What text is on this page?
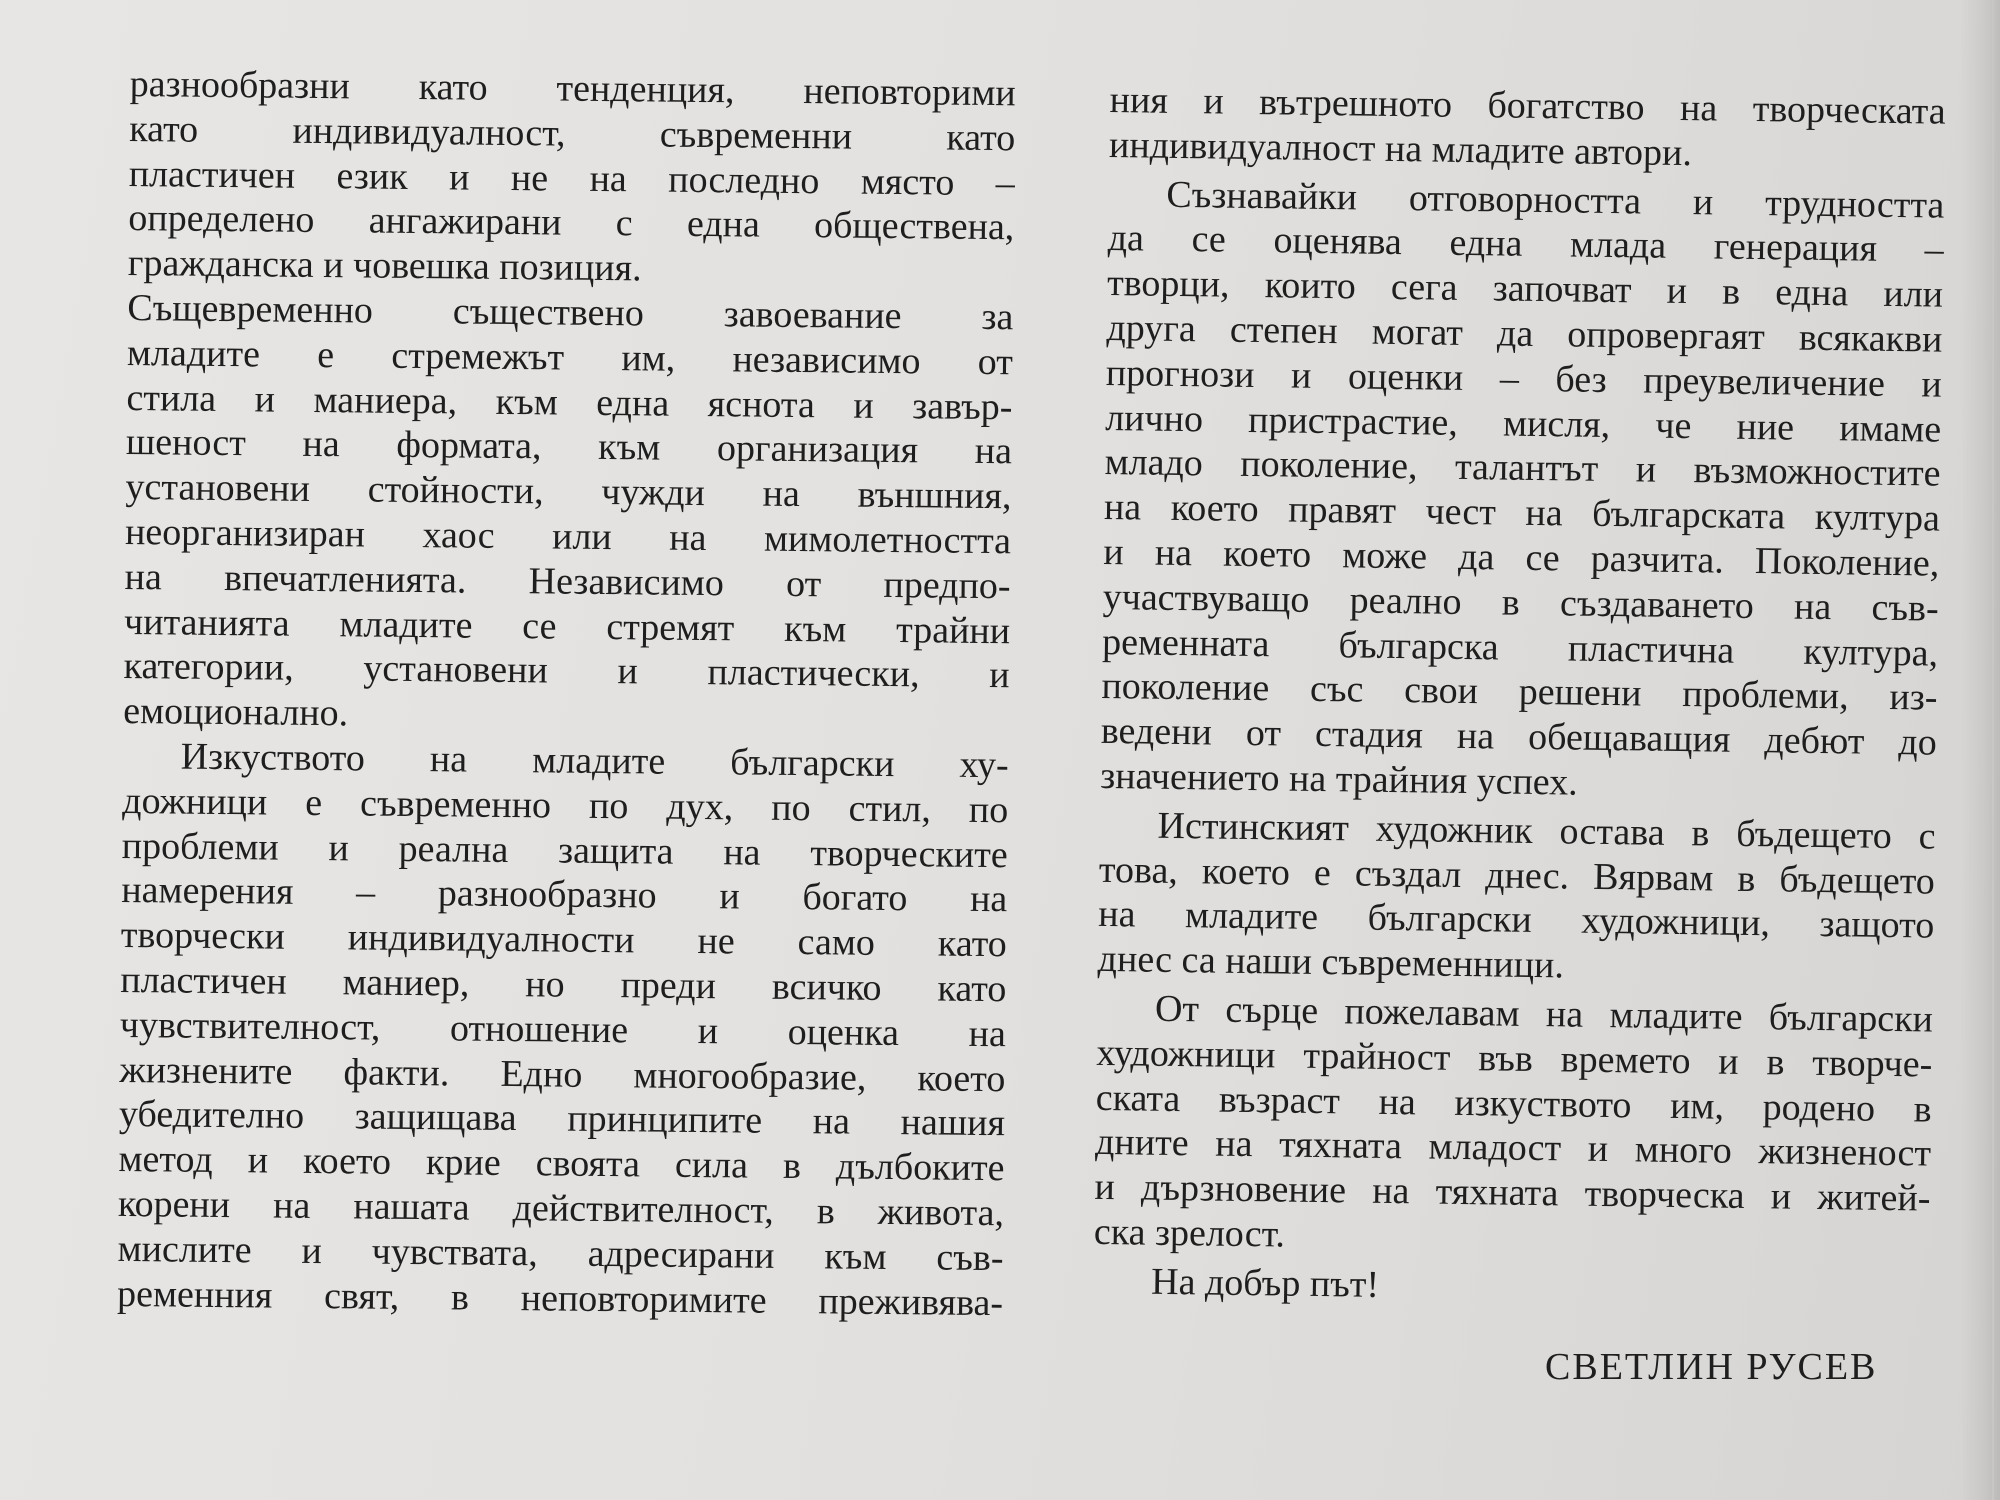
разнообразни като тенденция, неповторими
като индивидуалност, съвременни като
пластичен език и не на последно място –
определено ангажирани с една обществена,
гражданска и човешка позиция.
Същевременно съществено завоевание за
младите е стремежът им, независимо от
стила и маниера, към една яснота и завър-
шеност на формата, към организация на
установени стойности, чужди на външния,
неорганизиран хаос или на мимолетността
на впечатленията. Независимо от предпо-
читанията младите се стремят към трайни
категории, установени и пластически, и
емоционално.
Изкуството на младите български ху-
дожници е съвременно по дух, по стил, по
проблеми и реална защита на творческите
намерения – разнообразно и богато на
творчески индивидуалности не само като
пластичен маниер, но преди всичко като
чувствителност, отношение и оценка на
жизнените факти. Едно многообразие, което
убедително защищава принципите на нашия
метод и което крие своята сила в дълбоките
корени на нашата действителност, в живота,
мислите и чувствата, адресирани към съв-
ременния свят, в неповторимите преживява-
ния и вътрешното богатство на творческата
индивидуалност на младите автори.
Съзнавайки отговорността и трудността
да се оценява една млада генерация –
творци, които сега започват и в една или
друга степен могат да опровергаят всякакви
прогнози и оценки – без преувеличение и
лично пристрастие, мисля, че ние имаме
младо поколение, талантът и възможностите
на което правят чест на българската култура
и на което може да се разчита. Поколение,
участвуващо реално в създаването на съв-
ременната българска пластична култура,
поколение със свои решени проблеми, из-
ведени от стадия на обещаващия дебют до
значението на трайния успех.
Истинският художник остава в бъдещето с
това, което е създал днес. Вярвам в бъдещето
на младите български художници, защото
днес са наши съвременници.
От сърце пожелавам на младите български
художници трайност във времето и в творче-
ската възраст на изкуството им, родено в
дните на тяхната младост и много жизненост
и дързновение на тяхната творческа и житей-
ска зрелост.
На добър път!
СВЕТЛИН РУСЕВ
